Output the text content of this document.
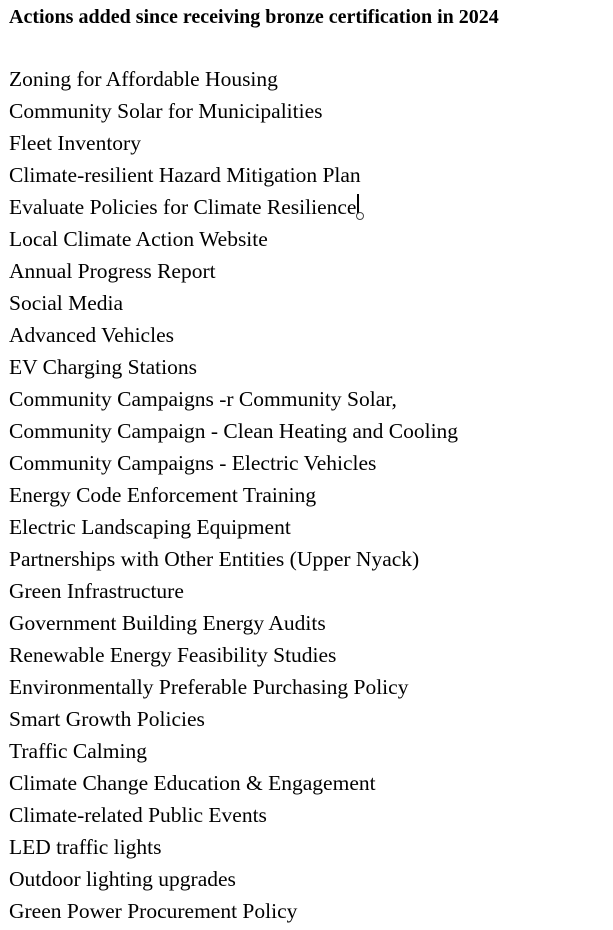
Actions added since receiving bronze certification in 2024
Zoning for Affordable Housing
Community Solar for Municipalities
Fleet Inventory
Climate-resilient Hazard Mitigation Plan
Evaluate Policies for Climate Resilience
Local Climate Action Website
Annual Progress Report
Social Media
Advanced Vehicles
EV Charging Stations
Community Campaigns -r Community Solar,
Community Campaign - Clean Heating and Cooling
Community Campaigns - Electric Vehicles
Energy Code Enforcement Training
Electric Landscaping Equipment
Partnerships with Other Entities (Upper Nyack)
Green Infrastructure
Government Building Energy Audits
Renewable Energy Feasibility Studies
Environmentally Preferable Purchasing Policy
Smart Growth Policies
Traffic Calming
Climate Change Education & Engagement
Climate-related Public Events
LED traffic lights
Outdoor lighting upgrades
Green Power Procurement Policy
